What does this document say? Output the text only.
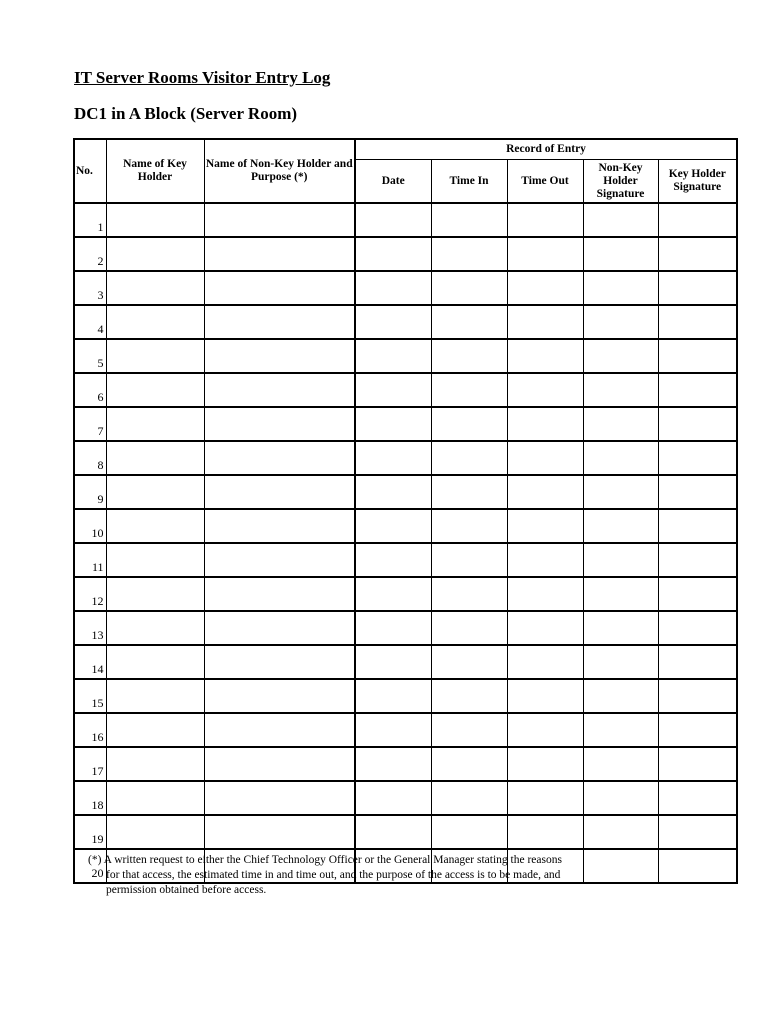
IT Server Rooms Visitor Entry Log
DC1 in A Block (Server Room)
No.	Name of Key Holder	Name of Non-Key Holder and Purpose (*)	Record of Entry				
			Date	Time In	Time Out	Non-Key Holder Signature	Key Holder Signature
1							
2							
3							
4							
5							
6							
7							
8							
9							
10							
11							
12							
13							
14							
15							
16							
17							
18							
19							
20							
(*) A written request to either the Chief Technology Officer or the General Manager stating the reasons
for that access, the estimated time in and time out, and the purpose of the access is to be made, and
permission obtained before access.
